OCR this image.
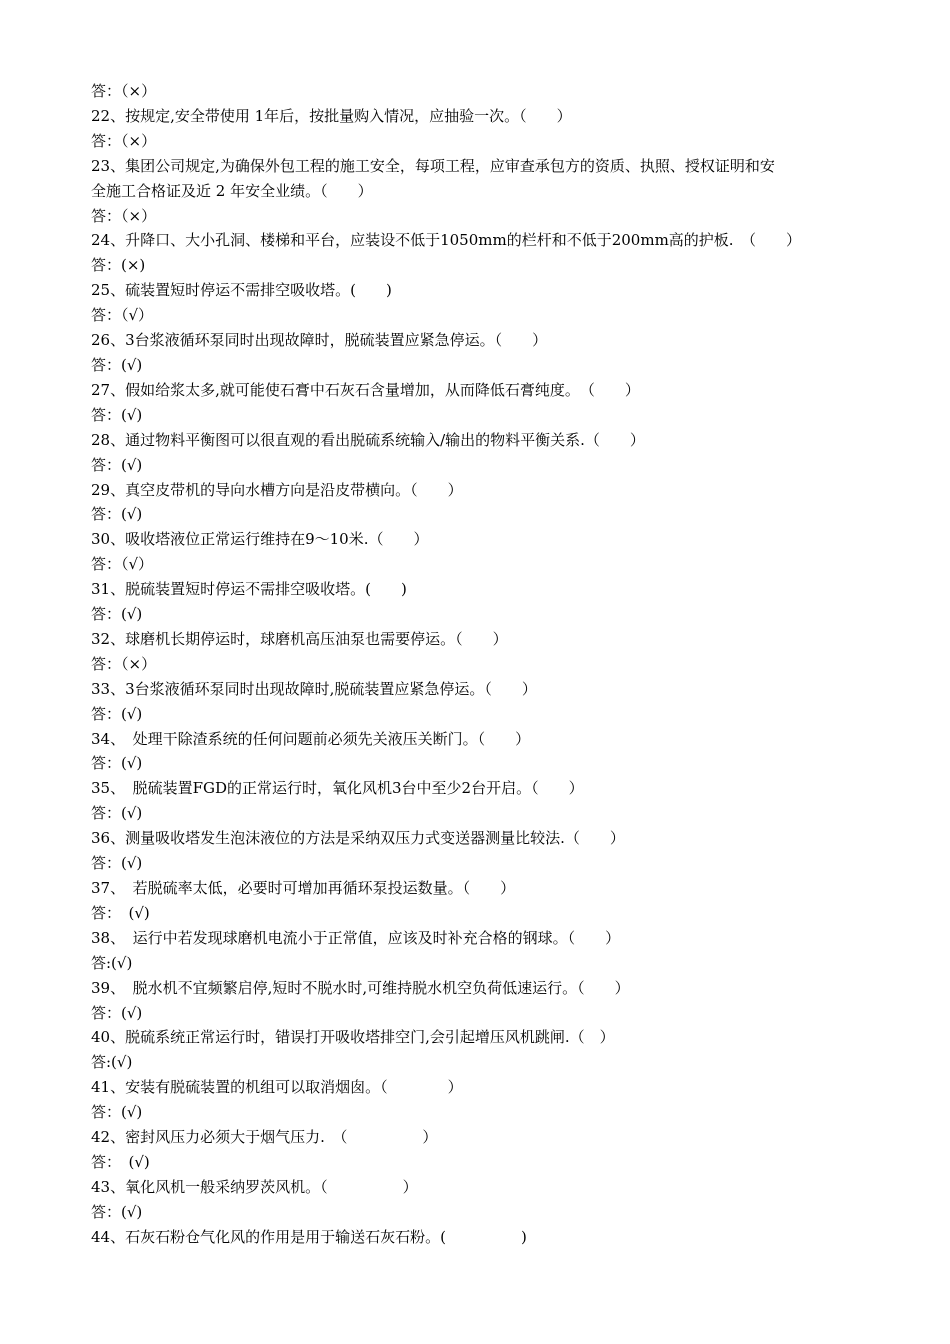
答：（×）
22、按规定,安全带使用 1年后，按批量购入情况，应抽验一次。（　　）
答：（×）
23、集团公司规定,为确保外包工程的施工安全，每项工程，应审查承包方的资质、执照、授权证明和安
全施工合格证及近 2 年安全业绩。（　　）
答：（×）
24、升降口、大小孔洞、楼梯和平台，应装设不低于1050mm的栏杆和不低于200mm高的护板.　（　　）
答：(×)
25、硫装置短时停运不需排空吸收塔。(　　)
答：（√）
26、3台浆液循环泵同时出现故障时，脱硫装置应紧急停运。（　　）
答：(√)
27、假如给浆太多,就可能使石膏中石灰石含量增加，从而降低石膏纯度。　（　　）
答：(√)
28、通过物料平衡图可以很直观的看出脱硫系统输入/输出的物料平衡关系.（　　）
答：(√)
29、真空皮带机的导向水槽方向是沿皮带横向。（　　）
答：(√)
30、吸收塔液位正常运行维持在9～10米.（　　）
答：（√）
31、脱硫装置短时停运不需排空吸收塔。(　　)
答：(√)
32、球磨机长期停运时，球磨机高压油泵也需要停运。（　　）
答：（×）
33、3台浆液循环泵同时出现故障时,脱硫装置应紧急停运。（　　）
答：(√)
34、　处理干除渣系统的任何问题前必须先关液压关断门。（　　）
答：(√)
35、　脱硫装置FGD的正常运行时，氧化风机3台中至少2台开启。（　　）
答：(√)
36、测量吸收塔发生泡沫液位的方法是采纳双压力式变送器测量比较法.（　　）
答：(√)
37、　若脱硫率太低，必要时可增加再循环泵投运数量。（　　）
答：　(√)
38、　运行中若发现球磨机电流小于正常值，应该及时补充合格的钢球。（　　）
答:(√)
39、　脱水机不宜频繁启停,短时不脱水时,可维持脱水机空负荷低速运行。（　　）
答：(√)
40、脱硫系统正常运行时，错误打开吸收塔排空门,会引起增压风机跳闸.（　）
答:(√)
41、安装有脱硫装置的机组可以取消烟囱。（　　　　）
答：(√)
42、密封风压力必须大于烟气压力.　（　　　　　）
答：　(√)
43、氧化风机一般采纳罗茨风机。（　　　　　）
答：(√)
44、石灰石粉仓气化风的作用是用于输送石灰石粉。(　　　　　)
